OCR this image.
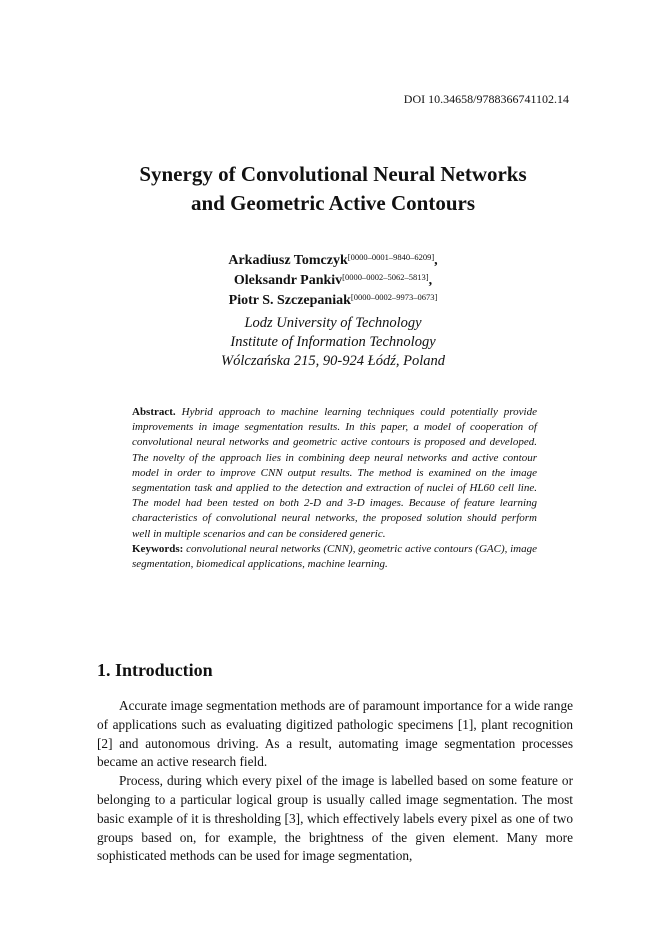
DOI 10.34658/9788366741102.14
Synergy of Convolutional Neural Networks
and Geometric Active Contours
Arkadiusz Tomczyk[0000–0001–9840–6209],
Oleksandr Pankiv[0000–0002–5062–5813],
Piotr S. Szczepaniak[0000–0002–9973–0673]
Lodz University of Technology
Institute of Information Technology
Wólczańska 215, 90-924 Łódź, Poland
Abstract. Hybrid approach to machine learning techniques could potentially provide improvements in image segmentation results. In this paper, a model of cooperation of convolutional neural networks and geometric active contours is proposed and developed. The novelty of the approach lies in combining deep neural networks and active contour model in order to improve CNN output results. The method is examined on the image segmentation task and applied to the detection and extraction of nuclei of HL60 cell line. The model had been tested on both 2-D and 3-D images. Because of feature learning characteristics of convolutional neural networks, the proposed solution should perform well in multiple scenarios and can be considered generic.
Keywords: convolutional neural networks (CNN), geometric active contours (GAC), image segmentation, biomedical applications, machine learning.
1. Introduction

Accurate image segmentation methods are of paramount importance for a wide range of applications such as evaluating digitized pathologic specimens [1], plant recognition [2] and autonomous driving. As a result, automating image segmentation processes became an active research field.

Process, during which every pixel of the image is labelled based on some feature or belonging to a particular logical group is usually called image segmentation. The most basic example of it is thresholding [3], which effectively labels every pixel as one of two groups based on, for example, the brightness of the given element. Many more sophisticated methods can be used for image segmentation,
